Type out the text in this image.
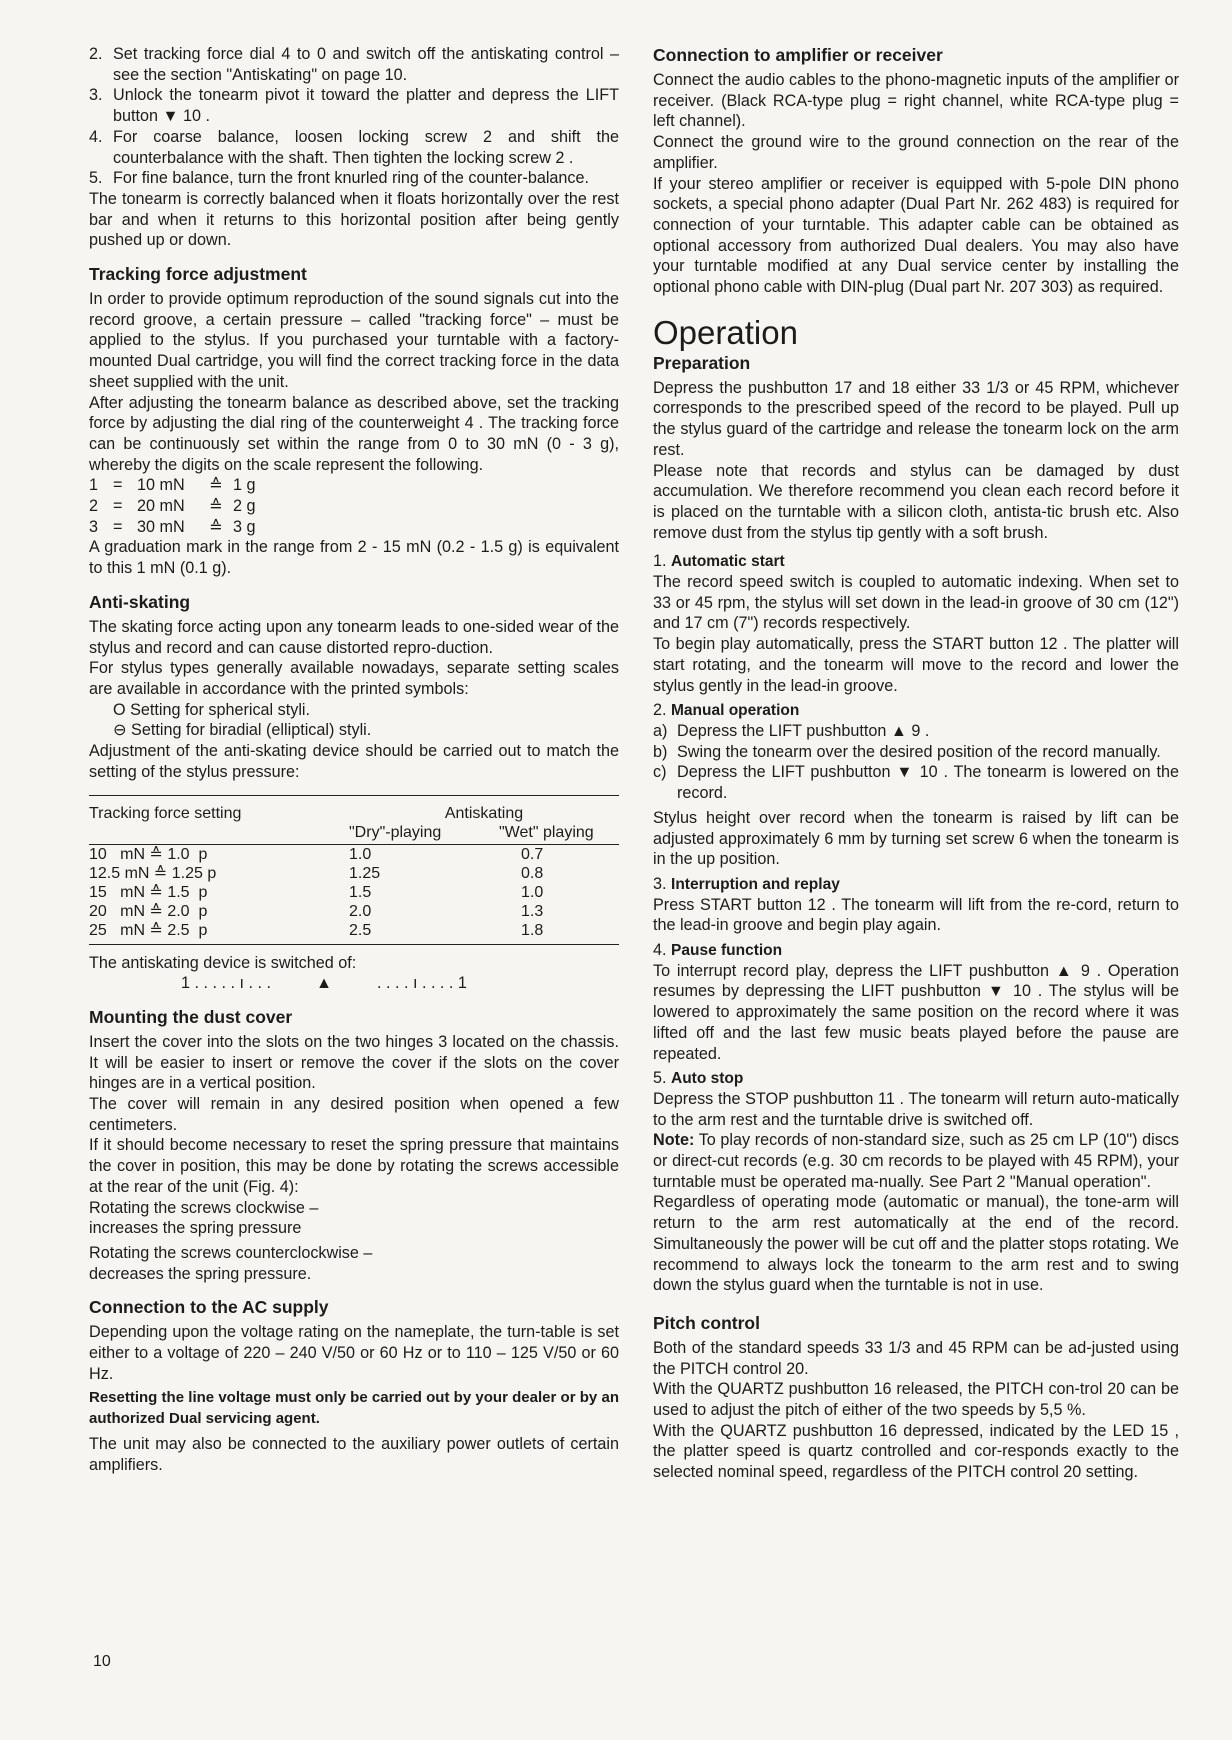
2. Set tracking force dial 4 to 0 and switch off the antiskating control – see the section "Antiskating" on page 10.
3. Unlock the tonearm pivot it toward the platter and depress the LIFT button ▼ 10 .
4. For coarse balance, loosen locking screw 2 and shift the counterbalance with the shaft. Then tighten the locking screw 2 .
5. For fine balance, turn the front knurled ring of the counter-balance.

The tonearm is correctly balanced when it floats horizontally over the rest bar and when it returns to this horizontal position after being gently pushed up or down.

Tracking force adjustment

In order to provide optimum reproduction of the sound signals cut into the record groove, a certain pressure – called "tracking force" – must be applied to the stylus. If you purchased your turntable with a factory-mounted Dual cartridge, you will find the correct tracking force in the data sheet supplied with the unit.

After adjusting the tonearm balance as described above, set the tracking force by adjusting the dial ring of the counterweight 4 . The tracking force can be continuously set within the range from 0 to 30 mN (0 - 3 g), whereby the digits on the scale represent the following.

1 = 10 mN	≙ 1 g
2 = 20 mN	≙ 2 g
3 = 30 mN	≙ 3 g

A graduation mark in the range from 2 - 15 mN (0.2 - 1.5 g) is equivalent to this 1 mN (0.1 g).

Anti-skating

The skating force acting upon any tonearm leads to one-sided wear of the stylus and record and can cause distorted repro-duction.

For stylus types generally available nowadays, separate setting scales are available in accordance with the printed symbols:

O Setting for spherical styli.

⊖ Setting for biradial (elliptical) styli.

Adjustment of the anti-skating device should be carried out to match the setting of the stylus pressure:

Tracking force setting	Antiskating	
	"Dry"-playing	"Wet" playing

10   mN ≙ 1.0  p	1.0	0.7
12.5 mN ≙ 1.25 p	1.25	0.8
15   mN ≙ 1.5  p	1.5	1.0
20   mN ≙ 2.0  p	2.0	1.3
25   mN ≙ 2.5  p	2.5	1.8

The antiskating device is switched of:

1 . . . . . ı . . .          ▲          . . . . ı . . . . 1
Mounting the dust cover

Insert the cover into the slots on the two hinges 3 located on the chassis. It will be easier to insert or remove the cover if the slots on the cover hinges are in a vertical position.

The cover will remain in any desired position when opened a few centimeters.

If it should become necessary to reset the spring pressure that maintains the cover in position, this may be done by rotating the screws accessible at the rear of the unit (Fig. 4):

Rotating the screws clockwise –

increases the spring pressure

Rotating the screws counterclockwise –

decreases the spring pressure.

Connection to the AC supply

Depending upon the voltage rating on the nameplate, the turn-table is set either to a voltage of 220 – 240 V/50 or 60 Hz or to 110 – 125 V/50 or 60 Hz.

Resetting the line voltage must only be carried out by your dealer or by an authorized Dual servicing agent.

The unit may also be connected to the auxiliary power outlets of certain amplifiers.

Connection to amplifier or receiver

Connect the audio cables to the phono-magnetic inputs of the amplifier or receiver. (Black RCA-type plug = right channel, white RCA-type plug = left channel).

Connect the ground wire to the ground connection on the rear of the amplifier.

If your stereo amplifier or receiver is equipped with 5-pole DIN phono sockets, a special phono adapter (Dual Part Nr. 262 483) is required for connection of your turntable. This adapter cable can be obtained as optional accessory from authorized Dual dealers. You may also have your turntable modified at any Dual service center by installing the optional phono cable with DIN-plug (Dual part Nr. 207 303) as required.

Operation
Preparation

Depress the pushbutton 17 and 18 either 33 1/3 or 45 RPM, whichever corresponds to the prescribed speed of the record to be played. Pull up the stylus guard of the cartridge and release the tonearm lock on the arm rest.

Please note that records and stylus can be damaged by dust accumulation. We therefore recommend you clean each record before it is placed on the turntable with a silicon cloth, antista-tic brush etc. Also remove dust from the stylus tip gently with a soft brush.

1. Automatic start

The record speed switch is coupled to automatic indexing. When set to 33 or 45 rpm, the stylus will set down in the lead-in groove of 30 cm (12") and 17 cm (7") records respectively.

To begin play automatically, press the START button 12 . The platter will start rotating, and the tonearm will move to the record and lower the stylus gently in the lead-in groove.

2. Manual operation
a) Depress the LIFT pushbutton ▲ 9 .
b) Swing the tonearm over the desired position of the record manually.
c) Depress the LIFT pushbutton ▼ 10 . The tonearm is lowered on the record.

Stylus height over record when the tonearm is raised by lift can be adjusted approximately 6 mm by turning set screw 6 when the tonearm is in the up position.

3. Interruption and replay

Press START button 12 . The tonearm will lift from the re-cord, return to the lead-in groove and begin play again.

4. Pause function

To interrupt record play, depress the LIFT pushbutton ▲ 9 . Operation resumes by depressing the LIFT pushbutton ▼ 10 . The stylus will be lowered to approximately the same position on the record where it was lifted off and the last few music beats played before the pause are repeated.

5. Auto stop

Depress the STOP pushbutton 11 . The tonearm will return auto-matically to the arm rest and the turntable drive is switched off.

Note: To play records of non-standard size, such as 25 cm LP (10") discs or direct-cut records (e.g. 30 cm records to be played with 45 RPM), your turntable must be operated ma-nually. See Part 2 "Manual operation".

Regardless of operating mode (automatic or manual), the tone-arm will return to the arm rest automatically at the end of the record. Simultaneously the power will be cut off and the platter stops rotating. We recommend to always lock the tonearm to the arm rest and to swing down the stylus guard when the turntable is not in use.

Pitch control

Both of the standard speeds 33 1/3 and 45 RPM can be ad-justed using the PITCH control 20.

With the QUARTZ pushbutton 16 released, the PITCH con-trol 20 can be used to adjust the pitch of either of the two speeds by 5,5 %.

With the QUARTZ pushbutton 16 depressed, indicated by the LED 15 , the platter speed is quartz controlled and cor-responds exactly to the selected nominal speed, regardless of the PITCH control 20 setting.

10
